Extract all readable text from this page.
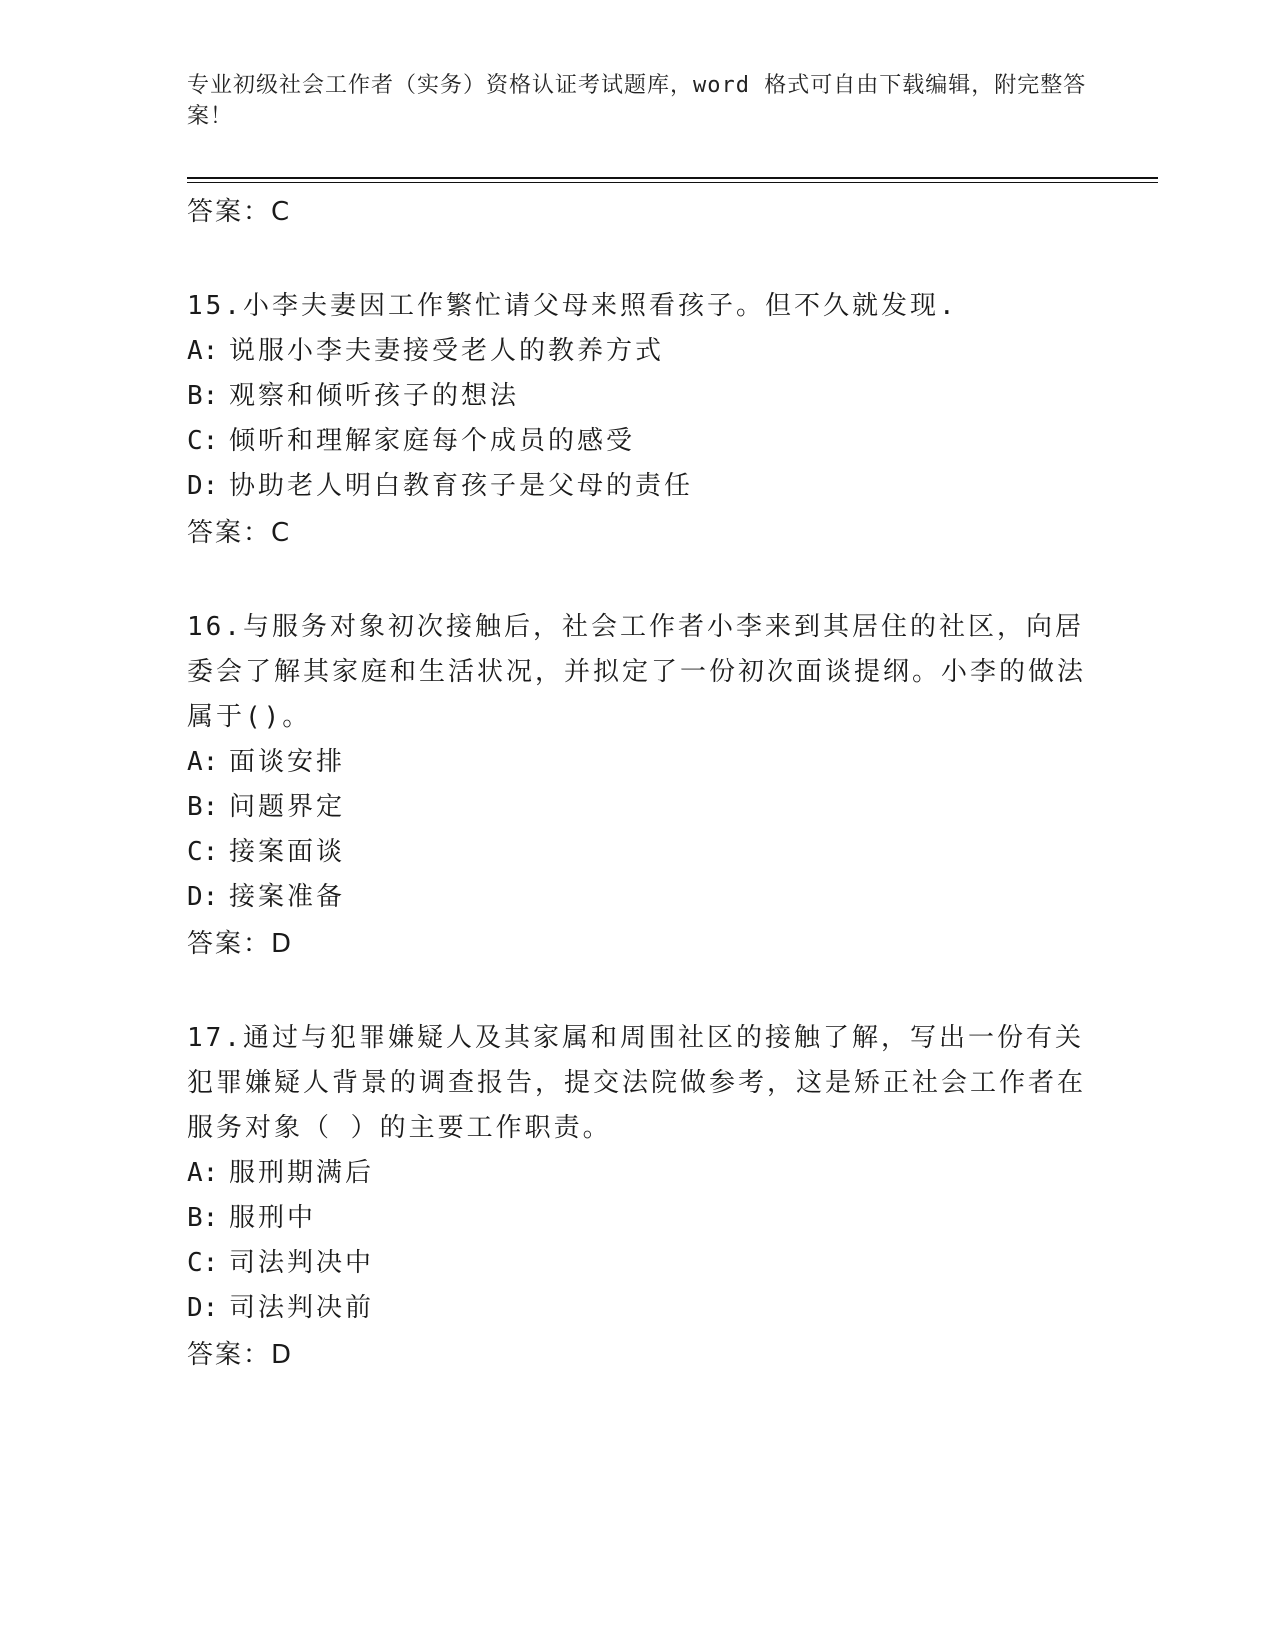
专业初级社会工作者（实务）资格认证考试题库，word 格式可自由下载编辑，附完整答案！
答案：C
15.小李夫妻因工作繁忙请父母来照看孩子。但不久就发现.
A: 说服小李夫妻接受老人的教养方式
B: 观察和倾听孩子的想法
C: 倾听和理解家庭每个成员的感受
D: 协助老人明白教育孩子是父母的责任
答案：C
16.与服务对象初次接触后，社会工作者小李来到其居住的社区，向居委会了解其家庭和生活状况，并拟定了一份初次面谈提纲。小李的做法属于()。
A: 面谈安排
B: 问题界定
C: 接案面谈
D: 接案准备
答案：D
17.通过与犯罪嫌疑人及其家属和周围社区的接触了解，写出一份有关犯罪嫌疑人背景的调查报告，提交法院做参考，这是矫正社会工作者在服务对象（ ）的主要工作职责。
A: 服刑期满后
B: 服刑中
C: 司法判决中
D: 司法判决前
答案：D
